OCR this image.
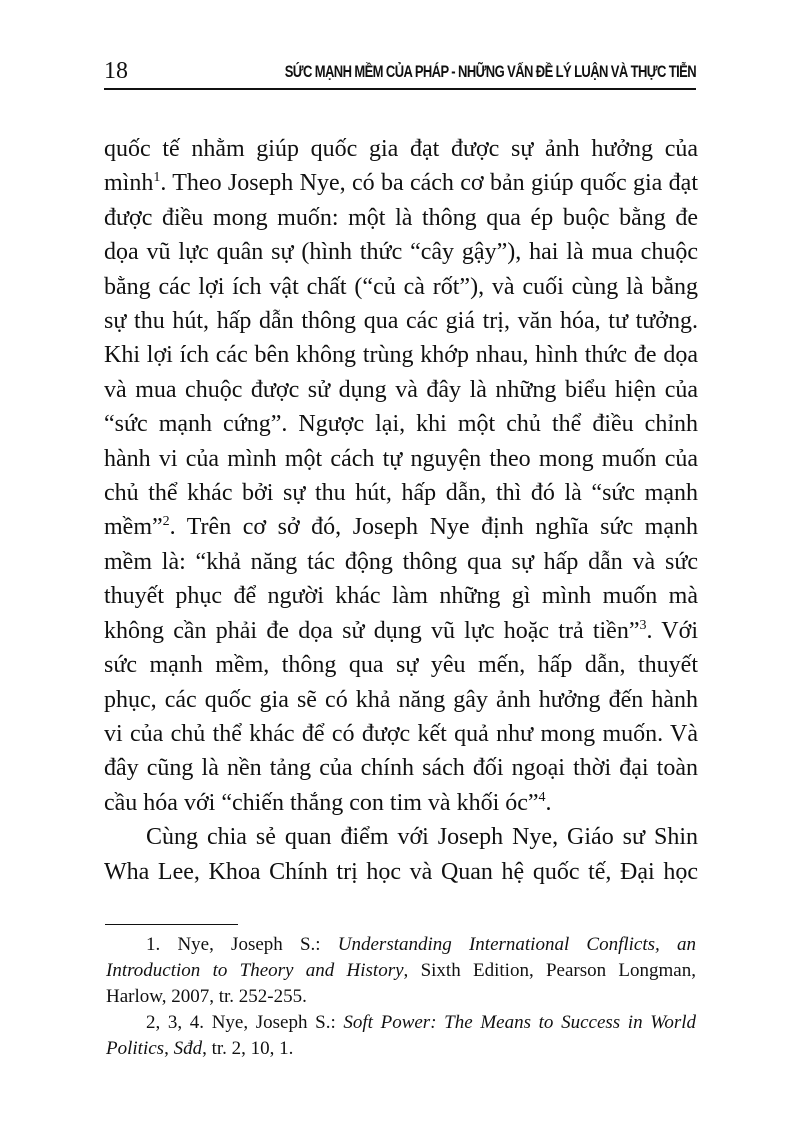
18	SỨC MẠNH MỀM CỦA PHÁP - NHỮNG VẤN ĐỀ LÝ LUẬN VÀ THỰC TIỄN

quốc tế nhằm giúp quốc gia đạt được sự ảnh hưởng của
mình$^1$. Theo Joseph Nye, có ba cách cơ bản giúp quốc gia đạt
được điều mong muốn: một là thông qua ép buộc bằng đe
dọa vũ lực quân sự (hình thức “cây gậy”), hai là mua chuộc
bằng các lợi ích vật chất (“củ cà rốt”), và cuối cùng là bằng
sự thu hút, hấp dẫn thông qua các giá trị, văn hóa, tư tưởng.
Khi lợi ích các bên không trùng khớp nhau, hình thức đe dọa
và mua chuộc được sử dụng và đây là những biểu hiện của
“sức mạnh cứng”. Ngược lại, khi một chủ thể điều chỉnh
hành vi của mình một cách tự nguyện theo mong muốn của
chủ thể khác bởi sự thu hút, hấp dẫn, thì đó là “sức mạnh
mềm”$^2$. Trên cơ sở đó, Joseph Nye định nghĩa sức mạnh
mềm là: “khả năng tác động thông qua sự hấp dẫn và sức
thuyết phục để người khác làm những gì mình muốn mà
không cần phải đe dọa sử dụng vũ lực hoặc trả tiền”$^3$. Với
sức mạnh mềm, thông qua sự yêu mến, hấp dẫn, thuyết
phục, các quốc gia sẽ có khả năng gây ảnh hưởng đến hành
vi của chủ thể khác để có được kết quả như mong muốn. Và
đây cũng là nền tảng của chính sách đối ngoại thời đại toàn
cầu hóa với “chiến thắng con tim và khối óc”$^4$.

Cùng chia sẻ quan điểm với Joseph Nye, Giáo sư Shin
Wha Lee, Khoa Chính trị học và Quan hệ quốc tế, Đại học

1. Nye, Joseph S.: Understanding International Conflicts, an
Introduction to Theory and History, Sixth Edition, Pearson Longman,
Harlow, 2007, tr. 252-255.
2, 3, 4. Nye, Joseph S.: Soft Power: The Means to Success in World
Politics, Sđd, tr. 2, 10, 1.
